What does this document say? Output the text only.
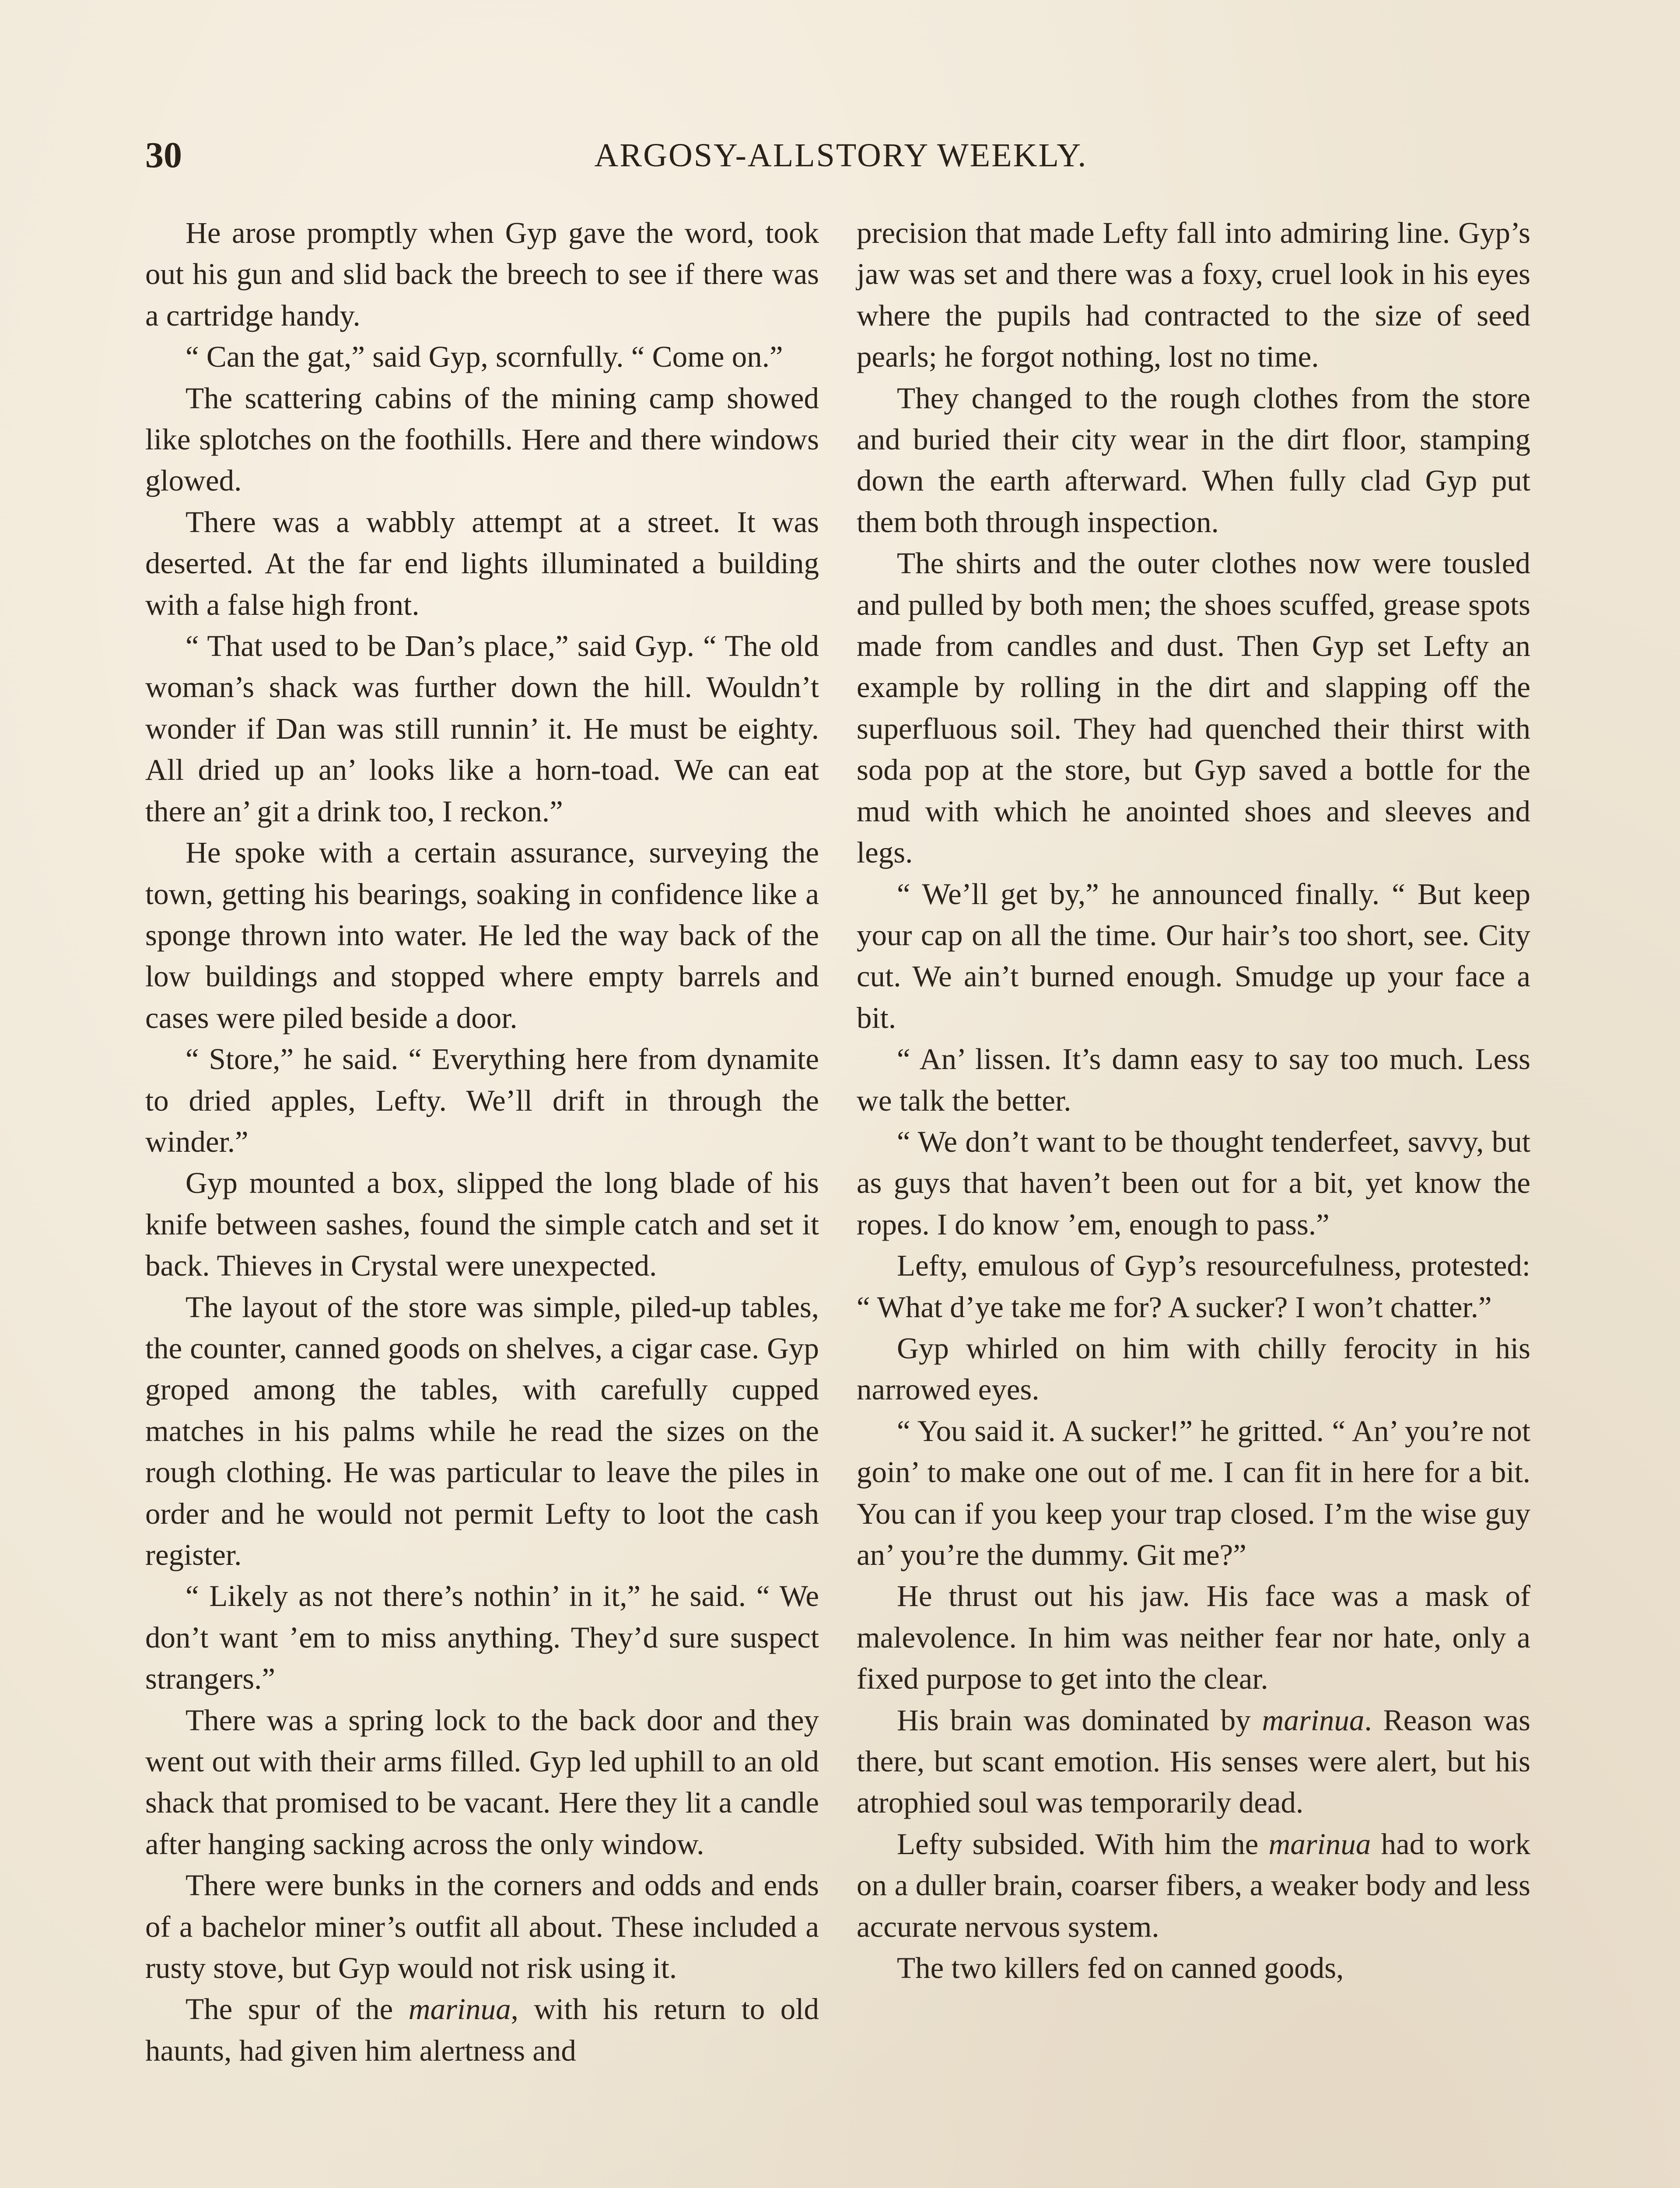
30	ARGOSY-ALLSTORY WEEKLY.

He arose promptly when Gyp gave the word, took out his gun and slid back the breech to see if there was a cartridge handy.

“ Can the gat,” said Gyp, scornfully. “ Come on.”

The scattering cabins of the mining camp showed like splotches on the foothills. Here and there windows glowed.

There was a wabbly attempt at a street. It was deserted. At the far end lights illuminated a building with a false high front.

“ That used to be Dan’s place,” said Gyp. “ The old woman’s shack was further down the hill. Wouldn’t wonder if Dan was still runnin’ it. He must be eighty. All dried up an’ looks like a horn-toad. We can eat there an’ git a drink too, I reckon.”

He spoke with a certain assurance, surveying the town, getting his bearings, soaking in confidence like a sponge thrown into water. He led the way back of the low buildings and stopped where empty barrels and cases were piled beside a door.

“ Store,” he said. “ Everything here from dynamite to dried apples, Lefty. We’ll drift in through the winder.”

Gyp mounted a box, slipped the long blade of his knife between sashes, found the simple catch and set it back. Thieves in Crystal were unexpected.

The layout of the store was simple, piled-up tables, the counter, canned goods on shelves, a cigar case. Gyp groped among the tables, with carefully cupped matches in his palms while he read the sizes on the rough clothing. He was particular to leave the piles in order and he would not permit Lefty to loot the cash register.

“ Likely as not there’s nothin’ in it,” he said. “ We don’t want ’em to miss anything. They’d sure suspect strangers.”

There was a spring lock to the back door and they went out with their arms filled. Gyp led uphill to an old shack that promised to be vacant. Here they lit a candle after hanging sacking across the only window.

There were bunks in the corners and odds and ends of a bachelor miner’s outfit all about. These included a rusty stove, but Gyp would not risk using it.

The spur of the marinua, with his return to old haunts, had given him alertness and

precision that made Lefty fall into admiring line. Gyp’s jaw was set and there was a foxy, cruel look in his eyes where the pupils had contracted to the size of seed pearls; he forgot nothing, lost no time.

They changed to the rough clothes from the store and buried their city wear in the dirt floor, stamping down the earth afterward. When fully clad Gyp put them both through inspection.

The shirts and the outer clothes now were tousled and pulled by both men; the shoes scuffed, grease spots made from candles and dust. Then Gyp set Lefty an example by rolling in the dirt and slapping off the superfluous soil. They had quenched their thirst with soda pop at the store, but Gyp saved a bottle for the mud with which he anointed shoes and sleeves and legs.

“ We’ll get by,” he announced finally. “ But keep your cap on all the time. Our hair’s too short, see. City cut. We ain’t burned enough. Smudge up your face a bit.

“ An’ lissen. It’s damn easy to say too much. Less we talk the better.

“ We don’t want to be thought tenderfeet, savvy, but as guys that haven’t been out for a bit, yet know the ropes. I do know ’em, enough to pass.”

Lefty, emulous of Gyp’s resourcefulness, protested: “ What d’ye take me for? A sucker? I won’t chatter.”

Gyp whirled on him with chilly ferocity in his narrowed eyes.

“ You said it. A sucker!” he gritted. “ An’ you’re not goin’ to make one out of me. I can fit in here for a bit. You can if you keep your trap closed. I’m the wise guy an’ you’re the dummy. Git me?”

He thrust out his jaw. His face was a mask of malevolence. In him was neither fear nor hate, only a fixed purpose to get into the clear.

His brain was dominated by marinua. Reason was there, but scant emotion. His senses were alert, but his atrophied soul was temporarily dead.

Lefty subsided. With him the marinua had to work on a duller brain, coarser fibers, a weaker body and less accurate nervous system.

The two killers fed on canned goods,
